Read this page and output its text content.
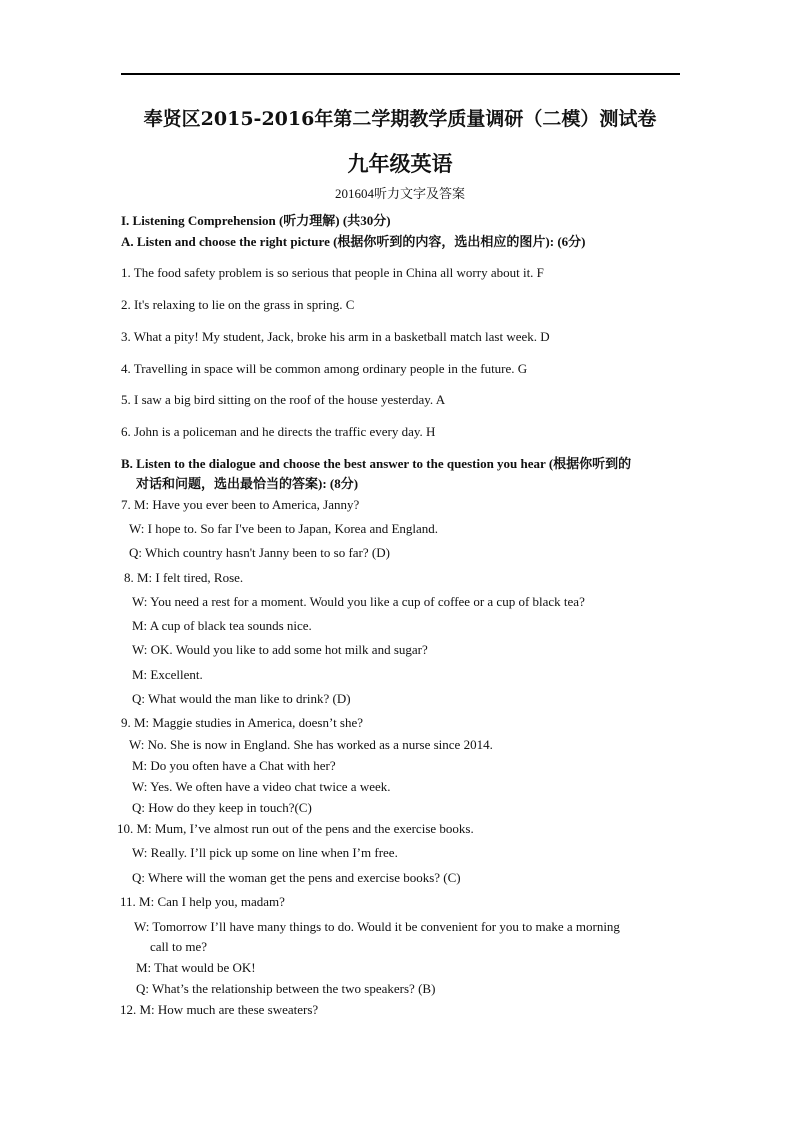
奉贤区2015-2016年第二学期教学质量调研（二模）测试卷
九年级英语
201604听力文字及答案
I. Listening Comprehension (听力理解) (共30分)
A. Listen and choose the right picture (根据你听到的内容，选出相应的图片): (6分)
1. The food safety problem is so serious that people in China all worry about it. F
2. It's relaxing to lie on the grass in spring. C
3. What a pity! My student, Jack, broke his arm in a basketball match last week. D
4. Travelling in space will be common among ordinary people in the future. G
5. I saw a big bird sitting on the roof of the house yesterday. A
6. John is a policeman and he directs the traffic every day. H
B. Listen to the dialogue and choose the best answer to the question you hear (根据你听到的
对话和问题，选出最恰当的答案): (8分)
7. M: Have you ever been to America, Janny?
W: I hope to. So far I've been to Japan, Korea and England.
Q: Which country hasn't Janny been to so far? (D)
8. M: I felt tired, Rose.
W: You need a rest for a moment. Would you like a cup of coffee or a cup of black tea?
M: A cup of black tea sounds nice.
W: OK. Would you like to add some hot milk and sugar?
M: Excellent.
Q: What would the man like to drink? (D)
9. M: Maggie studies in America, doesn’t she?
W: No. She is now in England. She has worked as a nurse since 2014.
M: Do you often have a Chat with her?
W: Yes. We often have a video chat twice a week.
Q: How do they keep in touch?(C)
10. M: Mum, I’ve almost run out of the pens and the exercise books.
W: Really. I’ll pick up some on line when I’m free.
Q: Where will the woman get the pens and exercise books? (C)
11. M: Can I help you, madam?
W: Tomorrow I’ll have many things to do. Would it be convenient for you to make a morning
call to me?
M: That would be OK!
Q: What’s the relationship between the two speakers? (B)
12. M: How much are these sweaters?
